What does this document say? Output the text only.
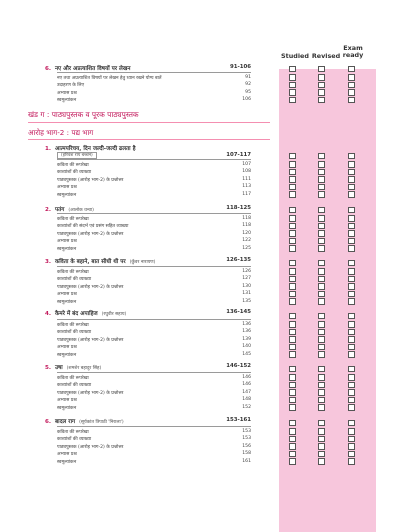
Studied Revised
Exam ready
6. नए और अप्रत्याशित विषयों पर लेखन	91-106
नए तथा अप्रत्याशित विषयों पर लेखन हेतु ध्यान रखने योग्य बातें	91
उदाहरण के लिए	92
अभ्यास प्रश्न	95
स्वमूल्यांकन	106
खंड ग : पाठ्यपुस्तक व पूरक पाठ्यपुस्तक
आरोह भाग-2 : पद्य भाग
1. आत्मपरिचय, दिन जल्दी-जल्दी ढलता है
(हरिवंश राय बच्चन)	107-117
कविता की रूपरेखा	107
काव्यांशों की व्याख्या	108
पाठ्यपुस्तक (आरोह भाग-2) के प्रश्नोत्तर	111
अभ्यास प्रश्न	113
स्वमूल्यांकन	117
2. पतंग (आलोक धन्वा)	118-125
कविता की रूपरेखा	118
काव्यांशों की संदर्भ एवं प्रसंग सहित व्याख्या	118
पाठ्यपुस्तक (आरोह भाग-2) के प्रश्नोत्तर	120
अभ्यास प्रश्न	122
स्वमूल्यांकन	125
3. कविता के बहाने, बात सीधी थी पर (कुँवर नारायण)	126-135
कविता की रूपरेखा	126
काव्यांशों की व्याख्या	127
पाठ्यपुस्तक (आरोह भाग-2) के प्रश्नोत्तर	130
अभ्यास प्रश्न	131
स्वमूल्यांकन	135
4. कैमरे में बंद अपाहिज (रघुवीर सहाय)	136-145
कविता की रूपरेखा	136
काव्यांशों की व्याख्या	136
पाठ्यपुस्तक (आरोह भाग-2) के प्रश्नोत्तर	139
अभ्यास प्रश्न	140
स्वमूल्यांकन	145
5. उषा (शमशेर बहादुर सिंह)	146-152
कविता की रूपरेखा	146
काव्यांशों की व्याख्या	146
पाठ्यपुस्तक (आरोह भाग-2) के प्रश्नोत्तर	147
अभ्यास प्रश्न	148
स्वमूल्यांकन	152
6. बादल राग (सूर्यकांत त्रिपाठी 'निराला')	153-161
कविता की रूपरेखा	153
काव्यांशों की व्याख्या	153
पाठ्यपुस्तक (आरोह भाग-2) के प्रश्नोत्तर	156
अभ्यास प्रश्न	158
स्वमूल्यांकन	161
